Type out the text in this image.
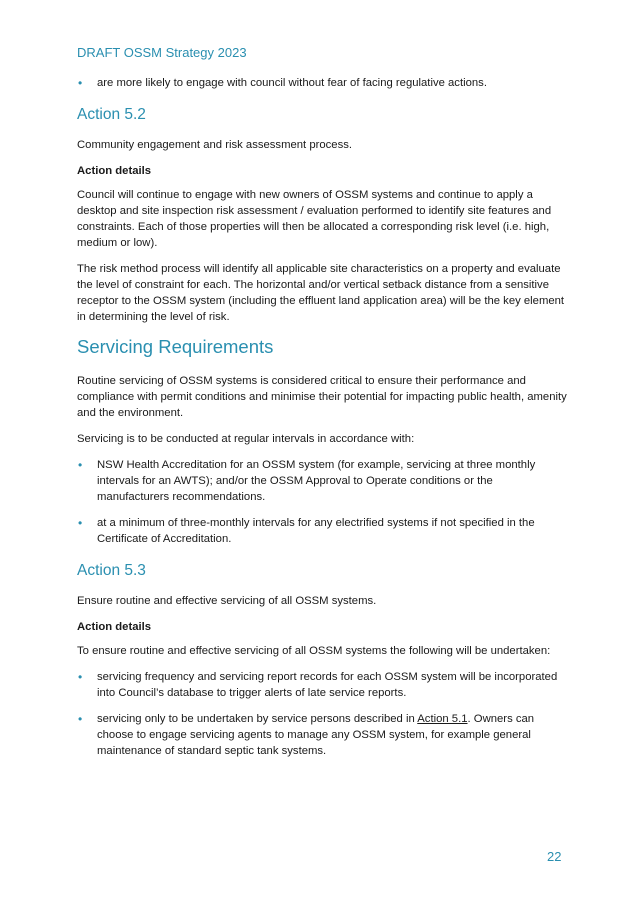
DRAFT OSSM Strategy 2023
• are more likely to engage with council without fear of facing regulative actions.
Action 5.2

Community engagement and risk assessment process.

Action details

Council will continue to engage with new owners of OSSM systems and continue to apply a desktop and site inspection risk assessment / evaluation performed to identify site features and constraints. Each of those properties will then be allocated a corresponding risk level (i.e. high, medium or low).

The risk method process will identify all applicable site characteristics on a property and evaluate the level of constraint for each. The horizontal and/or vertical setback distance from a sensitive receptor to the OSSM system (including the effluent land application area) will be the key element in determining the level of risk.

Servicing Requirements

Routine servicing of OSSM systems is considered critical to ensure their performance and compliance with permit conditions and minimise their potential for impacting public health, amenity and the environment.

Servicing is to be conducted at regular intervals in accordance with:

• NSW Health Accreditation for an OSSM system (for example, servicing at three monthly intervals for an AWTS); and/or the OSSM Approval to Operate conditions or the manufacturers recommendations.
• at a minimum of three-monthly intervals for any electrified systems if not specified in the Certificate of Accreditation.
Action 5.3

Ensure routine and effective servicing of all OSSM systems.

Action details

To ensure routine and effective servicing of all OSSM systems the following will be undertaken:

• servicing frequency and servicing report records for each OSSM system will be incorporated into Council’s database to trigger alerts of late service reports.
• servicing only to be undertaken by service persons described in Action 5.1. Owners can choose to engage servicing agents to manage any OSSM system, for example general maintenance of standard septic tank systems.
22
